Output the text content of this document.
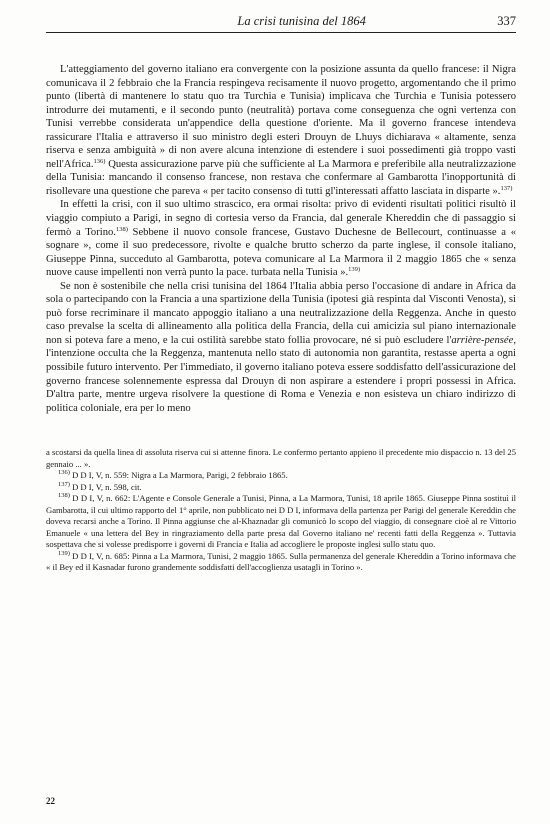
La crisi tunisina del 1864	337

L'atteggiamento del governo italiano era convergente con la posizione assunta da quello francese: il Nigra comunicava il 2 febbraio che la Francia respingeva recisamente il nuovo progetto, argomentando che il primo punto (libertà di mantenere lo statu quo tra Turchia e Tunisia) implicava che Turchia e Tunisia potessero introdurre dei mutamenti, e il secondo punto (neutralità) portava come conseguenza che ogni vertenza con Tunisi verrebbe considerata un'appendice della questione d'oriente. Ma il governo francese intendeva rassicurare l'Italia e attraverso il suo ministro degli esteri Drouyn de Lhuys dichiarava « altamente, senza riserva e senza ambiguità » di non avere alcuna intenzione di estendere i suoi possedimenti già troppo vasti nell'Africa.$^{136)}$ Questa assicurazione parve più che sufficiente al La Marmora e preferibile alla neutralizzazione della Tunisia: mancando il consenso francese, non restava che confermare al Gambarotta l'inopportunità di risollevare una questione che pareva « per tacito consenso di tutti gl'interessati affatto lasciata in disparte ».$^{137)}$

In effetti la crisi, con il suo ultimo strascico, era ormai risolta: privo di evidenti risultati politici risultò il viaggio compiuto a Parigi, in segno di cortesia verso da Francia, dal generale Khereddin che di passaggio si fermò a Torino.$^{138)}$ Sebbene il nuovo console francese, Gustavo Duchesne de Bellecourt, continuasse a « sognare », come il suo predecessore, rivolte e qualche brutto scherzo da parte inglese, il console italiano, Giuseppe Pinna, succeduto al Gambarotta, poteva comunicare al La Marmora il 2 maggio 1865 che « senza nuove cause impellenti non verrà punto la pace. turbata nella Tunisia ».$^{139)}$

Se non è sostenibile che nella crisi tunisina del 1864 l'Italia abbia perso l'occasione di andare in Africa da sola o partecipando con la Francia a una spartizione della Tunisia (ipotesi già respinta dal Visconti Venosta), si può forse recriminare il mancato appoggio italiano a una neutralizzazione della Reggenza. Anche in questo caso prevalse la scelta di allineamento alla politica della Francia, della cui amicizia sul piano internazionale non si poteva fare a meno, e la cui ostilità sarebbe stato follia provocare, né si può escludere l'arrière-pensée, l'intenzione occulta che la Reggenza, mantenuta nello stato di autonomia non garantita, restasse aperta a ogni possibile futuro intervento. Per l'immediato, il governo italiano poteva essere soddisfatto dell'assicurazione del governo francese solennemente espressa dal Drouyn di non aspirare a estendere i propri possessi in Africa. D'altra parte, mentre urgeva risolvere la questione di Roma e Venezia e non esisteva un chiaro indirizzo di politica coloniale, era per lo meno

a scostarsi da quella linea di assoluta riserva cui si attenne finora. Le confermo pertanto appieno il precedente mio dispaccio n. 13 del 25 gennaio ... ».

$^{136)}$ D D I, V, n. 559: Nigra a La Marmora, Parigi, 2 febbraio 1865.

$^{137)}$ D D I, V, n. 598, cit.

$^{138)}$ D D I, V, n. 662: L'Agente e Console Generale a Tunisi, Pinna, a La Marmora, Tunisi, 18 aprile 1865. Giuseppe Pinna sostituì il Gambarotta, il cui ultimo rapporto del 1° aprile, non pubblicato nei D D I, informava della partenza per Parigi del generale Kereddin che doveva recarsi anche a Torino. Il Pinna aggiunse che al-Khaznadar gli comunicò lo scopo del viaggio, di consegnare cioè al re Vittorio Emanuele « una lettera del Bey in ringraziamento della parte presa dal Governo italiano ne' recenti fatti della Reggenza ». Tuttavia sospettava che si volesse predisporre i governi di Francia e Italia ad accogliere le proposte inglesi sullo statu quo.

$^{139)}$ D D I, V, n. 685: Pinna a La Marmora, Tunisi, 2 maggio 1865. Sulla permanenza del generale Khereddin a Torino informava che « il Bey ed il Kasnadar furono grandemente soddisfatti dell'accoglienza usatagli in Torino ».

22
